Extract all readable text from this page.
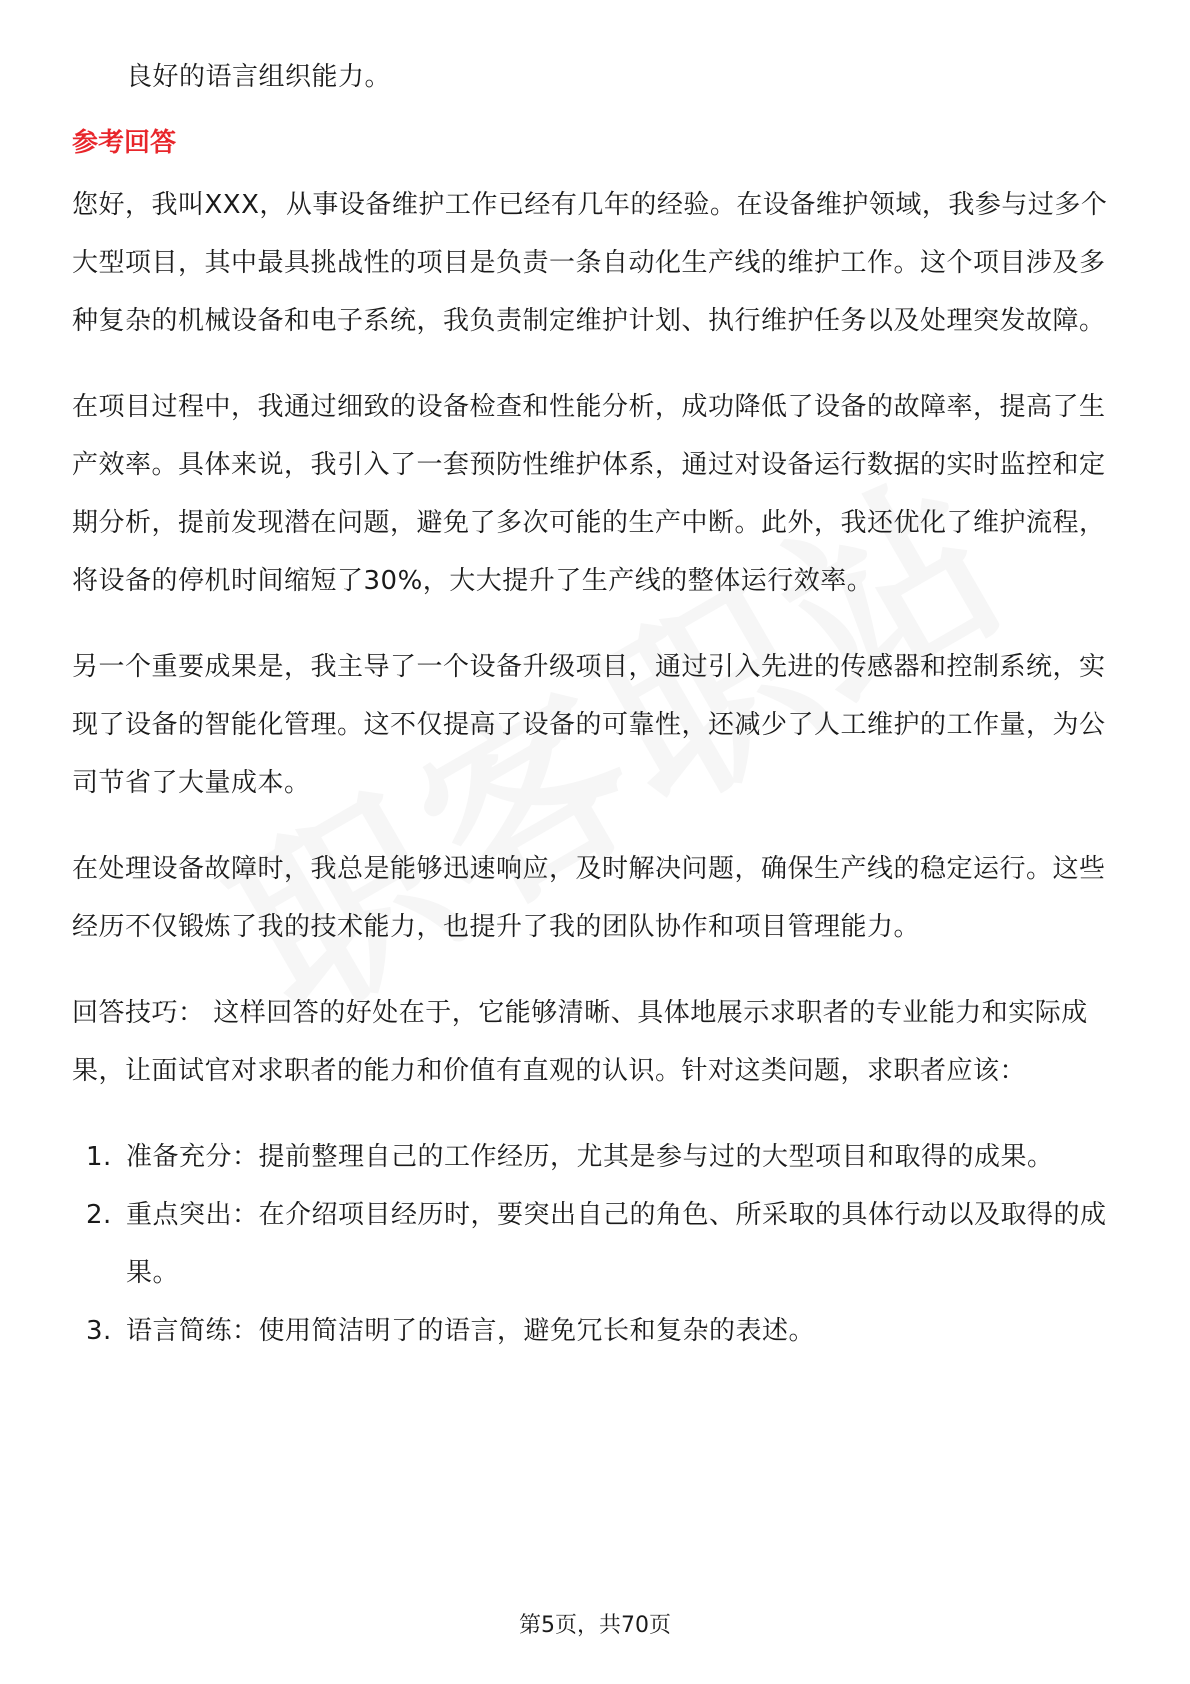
良好的语言组织能力。

参考回答

您好，我叫XXX，从事设备维护工作已经有几年的经验。在设备维护领域，我参与过多个大型项目，其中最具挑战性的项目是负责一条自动化生产线的维护工作。这个项目涉及多种复杂的机械设备和电子系统，我负责制定维护计划、执行维护任务以及处理突发故障。

在项目过程中，我通过细致的设备检查和性能分析，成功降低了设备的故障率，提高了生产效率。具体来说，我引入了一套预防性维护体系，通过对设备运行数据的实时监控和定期分析，提前发现潜在问题，避免了多次可能的生产中断。此外，我还优化了维护流程，将设备的停机时间缩短了30%，大大提升了生产线的整体运行效率。

另一个重要成果是，我主导了一个设备升级项目，通过引入先进的传感器和控制系统，实现了设备的智能化管理。这不仅提高了设备的可靠性，还减少了人工维护的工作量，为公司节省了大量成本。

在处理设备故障时，我总是能够迅速响应，及时解决问题，确保生产线的稳定运行。这些经历不仅锻炼了我的技术能力，也提升了我的团队协作和项目管理能力。

回答技巧： 这样回答的好处在于，它能够清晰、具体地展示求职者的专业能力和实际成果，让面试官对求职者的能力和价值有直观的认识。针对这类问题，求职者应该：

1. 准备充分：提前整理自己的工作经历，尤其是参与过的大型项目和取得的成果。
2. 重点突出：在介绍项目经历时，要突出自己的角色、所采取的具体行动以及取得的成果。
3. 语言简练：使用简洁明了的语言，避免冗长和复杂的表述。
第5页，共70页
